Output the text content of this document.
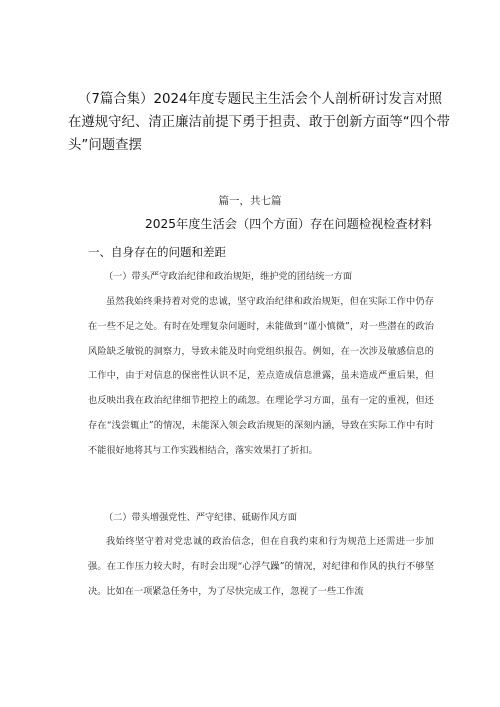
（7篇合集）2024年度专题民主生活会个人剖析研讨发言对照在遵规守纪、清正廉洁前提下勇于担责、敢于创新方面等“四个带头”问题查摆
篇一，共七篇
2025年度生活会（四个方面）存在问题检视检查材料
一、自身存在的问题和差距
（一）带头严守政治纪律和政治规矩，维护党的团结统一方面

虽然我始终秉持着对党的忠诚，坚守政治纪律和政治规矩，但在实际工作中仍存在一些不足之处。有时在处理复杂问题时，未能做到“谨小慎微”，对一些潜在的政治风险缺乏敏锐的洞察力，导致未能及时向党组织报告。例如，在一次涉及敏感信息的工作中，由于对信息的保密性认识不足，差点造成信息泄露，虽未造成严重后果，但也反映出我在政治纪律细节把控上的疏忽。在理论学习方面，虽有一定的重视，但还存在“浅尝辄止”的情况，未能深入领会政治规矩的深刻内涵，导致在实际工作中有时不能很好地将其与工作实践相结合，落实效果打了折扣。

（二）带头增强党性、严守纪律、砥砺作风方面

我始终坚守着对党忠诚的政治信念，但在自我约束和行为规范上还需进一步加强。在工作压力较大时，有时会出现“心浮气躁”的情况，对纪律和作风的执行不够坚决。比如在一项紧急任务中，为了尽快完成工作，忽视了一些工作流
